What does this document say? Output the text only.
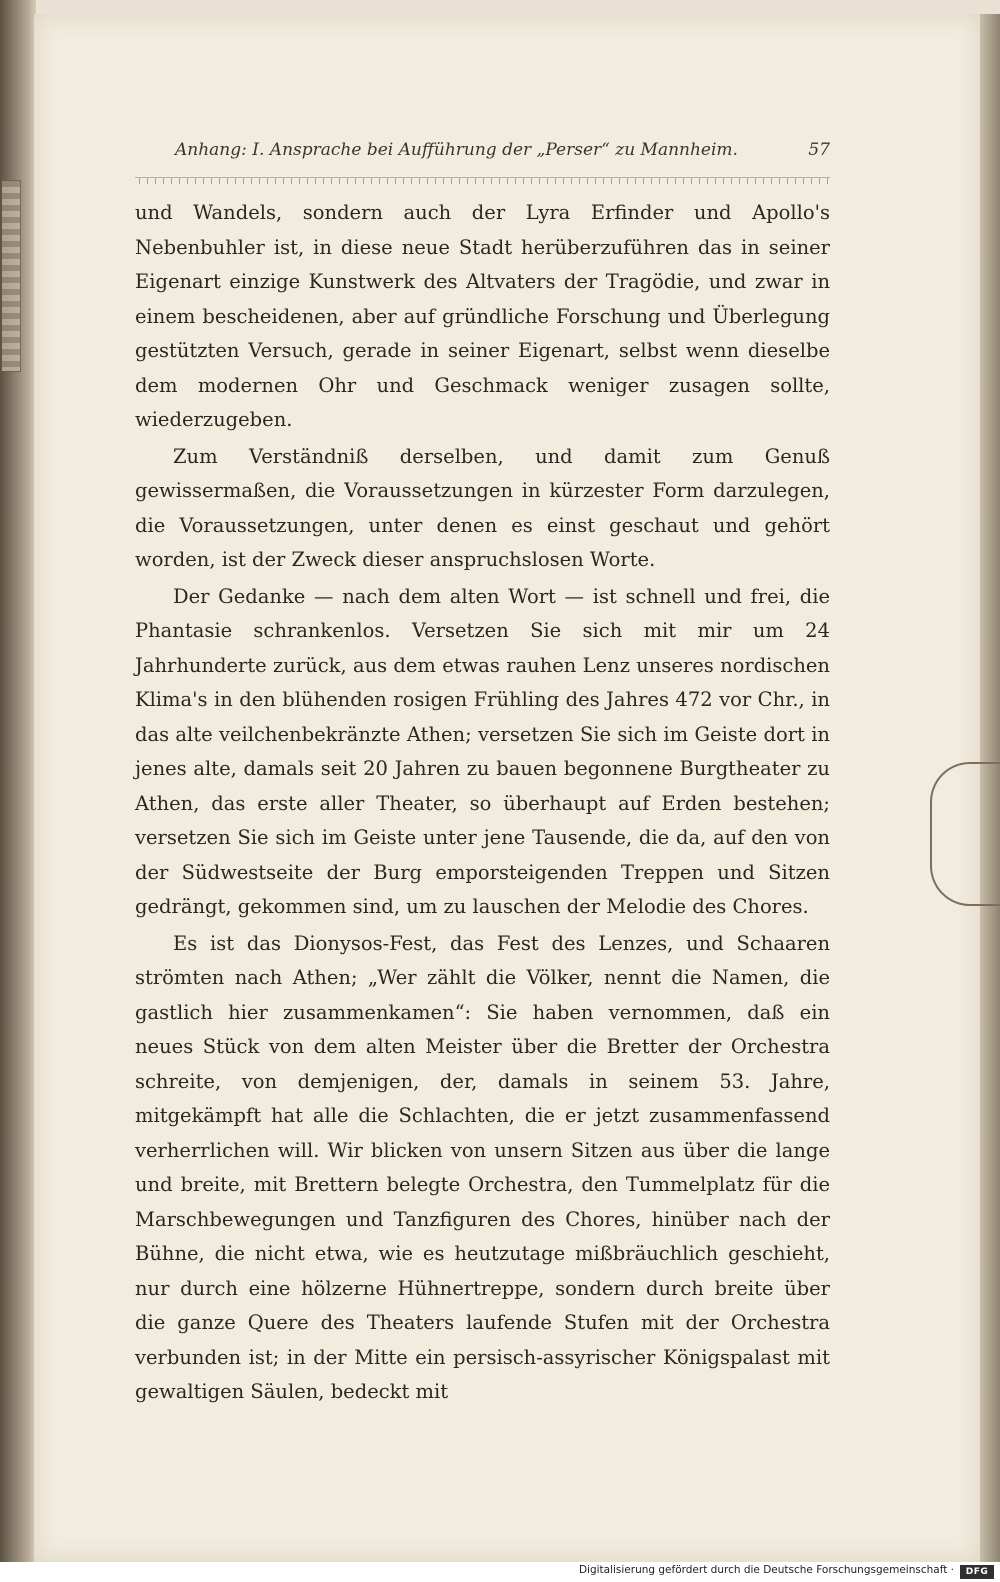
Anhang: I. Ansprache bei Aufführung der „Perser“ zu Mannheim.	57

und Wandels, sondern auch der Lyra Erfinder und Apollo's Nebenbuhler ist, in diese neue Stadt herüberzuführen das in seiner Eigenart einzige Kunstwerk des Altvaters der Tragödie, und zwar in einem bescheidenen, aber auf gründliche Forschung und Überlegung gestützten Versuch, gerade in seiner Eigenart, selbst wenn dieselbe dem modernen Ohr und Geschmack weniger zusagen sollte, wiederzugeben.

Zum Verständniß derselben, und damit zum Genuß gewissermaßen, die Voraussetzungen in kürzester Form darzulegen, die Voraussetzungen, unter denen es einst geschaut und gehört worden, ist der Zweck dieser anspruchslosen Worte.

Der Gedanke — nach dem alten Wort — ist schnell und frei, die Phantasie schrankenlos. Versetzen Sie sich mit mir um 24 Jahrhunderte zurück, aus dem etwas rauhen Lenz unseres nordischen Klima's in den blühenden rosigen Frühling des Jahres 472 vor Chr., in das alte veilchenbekränzte Athen; versetzen Sie sich im Geiste dort in jenes alte, damals seit 20 Jahren zu bauen begonnene Burgtheater zu Athen, das erste aller Theater, so überhaupt auf Erden bestehen; versetzen Sie sich im Geiste unter jene Tausende, die da, auf den von der Südwestseite der Burg emporsteigenden Treppen und Sitzen gedrängt, gekommen sind, um zu lauschen der Melodie des Chores.

Es ist das Dionysos-Fest, das Fest des Lenzes, und Schaaren strömten nach Athen; „Wer zählt die Völker, nennt die Namen, die gastlich hier zusammenkamen“: Sie haben vernommen, daß ein neues Stück von dem alten Meister über die Bretter der Orchestra schreite, von demjenigen, der, damals in seinem 53. Jahre, mitgekämpft hat alle die Schlachten, die er jetzt zusammenfassend verherrlichen will. Wir blicken von unsern Sitzen aus über die lange und breite, mit Brettern belegte Orchestra, den Tummelplatz für die Marschbewegungen und Tanzfiguren des Chores, hinüber nach der Bühne, die nicht etwa, wie es heutzutage mißbräuchlich geschieht, nur durch eine hölzerne Hühnertreppe, sondern durch breite über die ganze Quere des Theaters laufende Stufen mit der Orchestra verbunden ist; in der Mitte ein persisch-assyrischer Königspalast mit gewaltigen Säulen, bedeckt mit

Digitalisierung gefördert durch die Deutsche Forschungsgemeinschaft ·	DFG
